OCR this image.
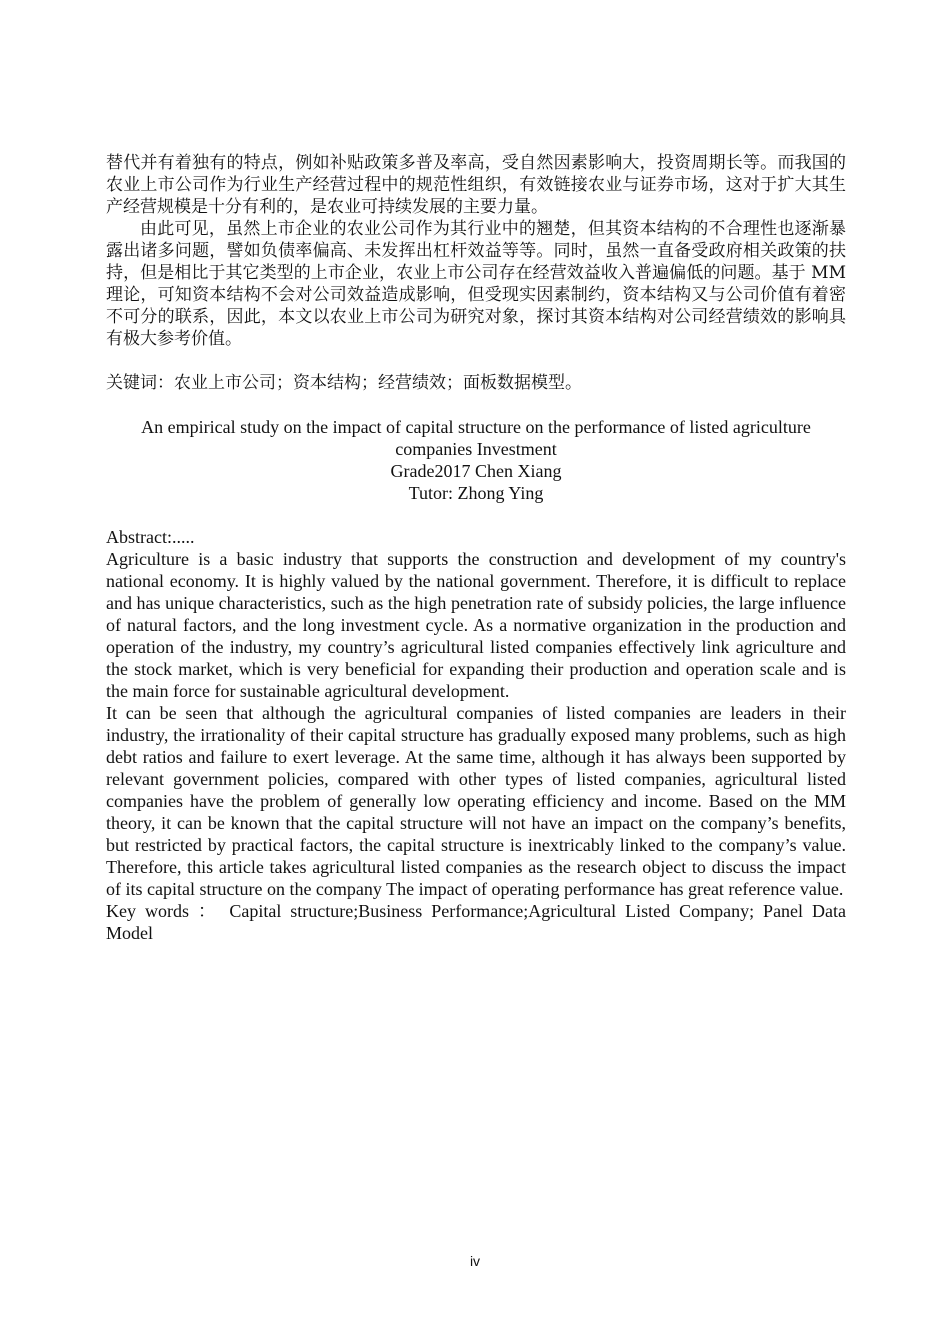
替代并有着独有的特点，例如补贴政策多普及率高，受自然因素影响大，投资周期长等。而我国的农业上市公司作为行业生产经营过程中的规范性组织，有效链接农业与证券市场，这对于扩大其生产经营规模是十分有利的，是农业可持续发展的主要力量。

由此可见，虽然上市企业的农业公司作为其行业中的翘楚，但其资本结构的不合理性也逐渐暴露出诸多问题，譬如负债率偏高、未发挥出杠杆效益等等。同时，虽然一直备受政府相关政策的扶持，但是相比于其它类型的上市企业，农业上市公司存在经营效益收入普遍偏低的问题。基于 MM 理论，可知资本结构不会对公司效益造成影响，但受现实因素制约，资本结构又与公司价值有着密不可分的联系，因此，本文以农业上市公司为研究对象，探讨其资本结构对公司经营绩效的影响具有极大参考价值。

关键词：农业上市公司；资本结构；经营绩效；面板数据模型。

An empirical study on the impact of capital structure on the performance of listed agriculture
companies Investment
Grade2017 Chen Xiang
Tutor: Zhong Ying

Abstract:.....

Agriculture is a basic industry that supports the construction and development of my country's national economy. It is highly valued by the national government. Therefore, it is difficult to replace and has unique characteristics, such as the high penetration rate of subsidy policies, the large influence of natural factors, and the long investment cycle. As a normative organization in the production and operation of the industry, my country’s agricultural listed companies effectively link agriculture and the stock market, which is very beneficial for expanding their production and operation scale and is the main force for sustainable agricultural development.

It can be seen that although the agricultural companies of listed companies are leaders in their industry, the irrationality of their capital structure has gradually exposed many problems, such as high debt ratios and failure to exert leverage. At the same time, although it has always been supported by relevant government policies, compared with other types of listed companies, agricultural listed companies have the problem of generally low operating efficiency and income. Based on the MM theory, it can be known that the capital structure will not have an impact on the company’s benefits, but restricted by practical factors, the capital structure is inextricably linked to the company’s value. Therefore, this article takes agricultural listed companies as the research object to discuss the impact of its capital structure on the company The impact of operating performance has great reference value.

Key words ： Capital structure;Business Performance;Agricultural Listed Company; Panel Data Model

iv
